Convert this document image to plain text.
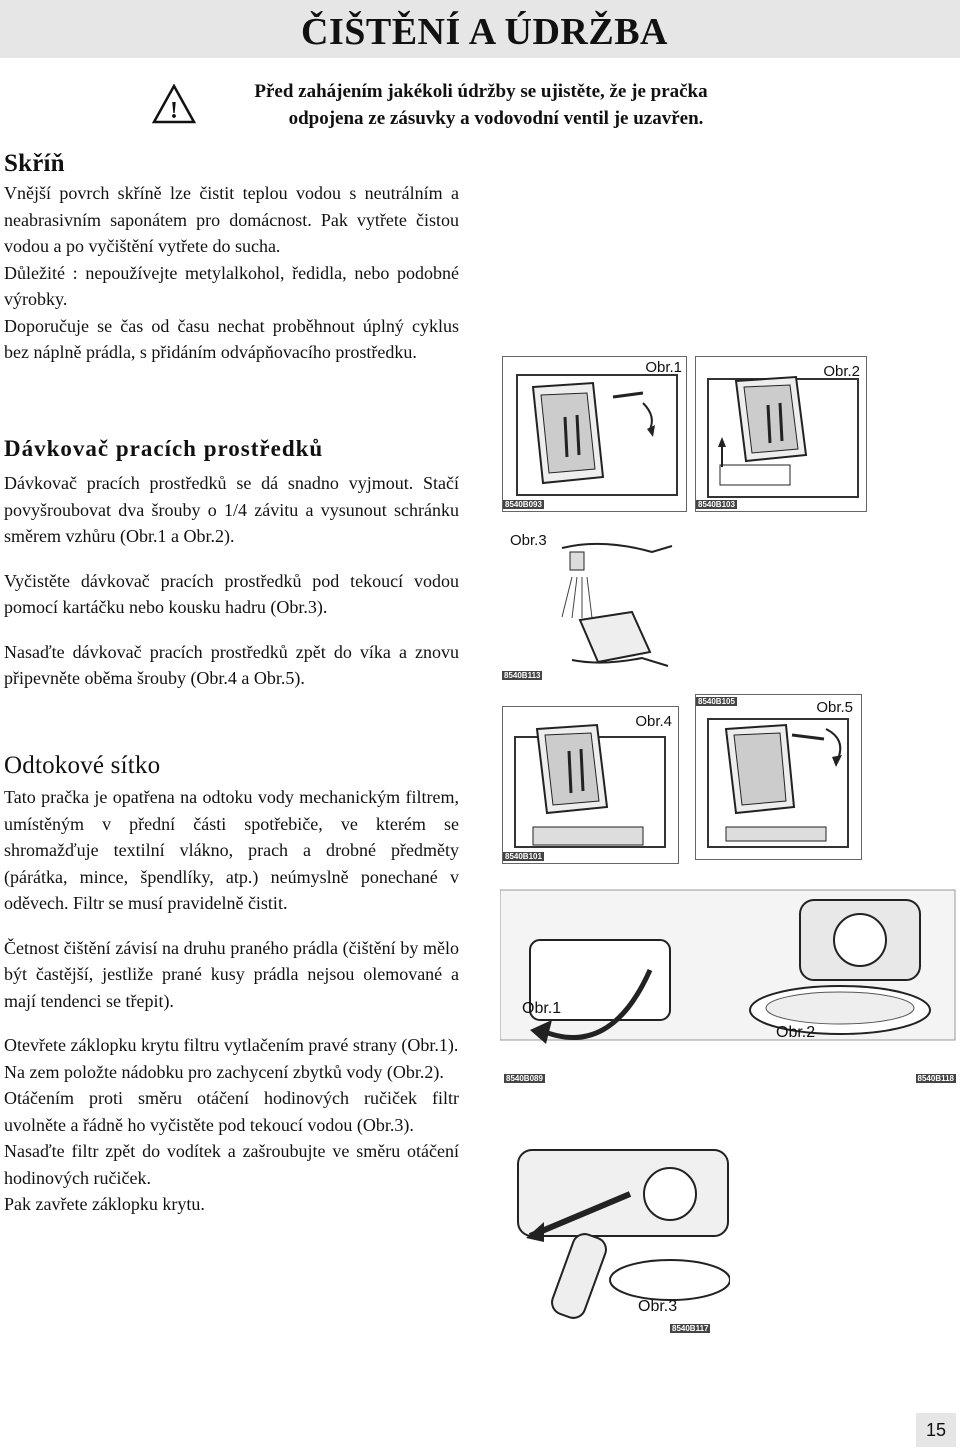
ČIŠTĚNÍ A ÚDRŽBA
!
Před zahájením jakékoli údržby se ujistěte, že je pračka
odpojena ze zásuvky a vodovodní ventil je uzavřen.
Skříň

Vnější povrch skříně lze čistit teplou vodou s neutrálním a neabrasivním saponátem pro domácnost. Pak vytřete čistou vodou a po vyčištění vytřete do sucha.

Důležité : nepoužívejte metylalkohol, ředidla, nebo podobné výrobky.

Doporučuje se čas od času nechat proběhnout úplný cyklus bez náplně prádla, s přidáním odvápňovacího prostředku.

Dávkovač pracích prostředků

Dávkovač pracích prostředků se dá snadno vyjmout. Stačí povyšroubovat dva šrouby o 1/4 závitu a vysunout schránku směrem vzhůru (Obr.1 a Obr.2).

Vyčistěte dávkovač pracích prostředků pod tekoucí vodou pomocí kartáčku nebo kousku hadru (Obr.3).

Nasaďte dávkovač pracích prostředků zpět do víka a znovu připevněte oběma šrouby (Obr.4 a Obr.5).

Odtokové sítko

Tato pračka je opatřena na odtoku vody mechanickým filtrem, umístěným v přední části spotřebiče, ve kterém se shromažďuje textilní vlákno, prach a drobné předměty (párátka, mince, špendlíky, atp.) neúmyslně ponechané v oděvech. Filtr se musí pravidelně čistit.

Četnost čištění závisí na druhu praného prádla (čištění by mělo být častější, jestliže prané kusy prádla nejsou olemované a mají tendenci se třepit).

Otevřete záklopku krytu filtru vytlačením pravé strany (Obr.1).

Na zem položte nádobku pro zachycení zbytků vody (Obr.2).

Otáčením proti směru otáčení hodinových ručiček filtr uvolněte a řádně ho vyčistěte pod tekoucí vodou (Obr.3).

Nasaďte filtr zpět do vodítek a zašroubujte ve směru otáčení hodinových ručiček.

Pak zavřete záklopku krytu.

Obr.1
8540B093
Obr.2
8540B103
Obr.3
8540B113
Obr.4
8540B101
Obr.5
8540B105
Obr.1
Obr.2
8540B089	8540B118
Obr.3
8540B117
15
